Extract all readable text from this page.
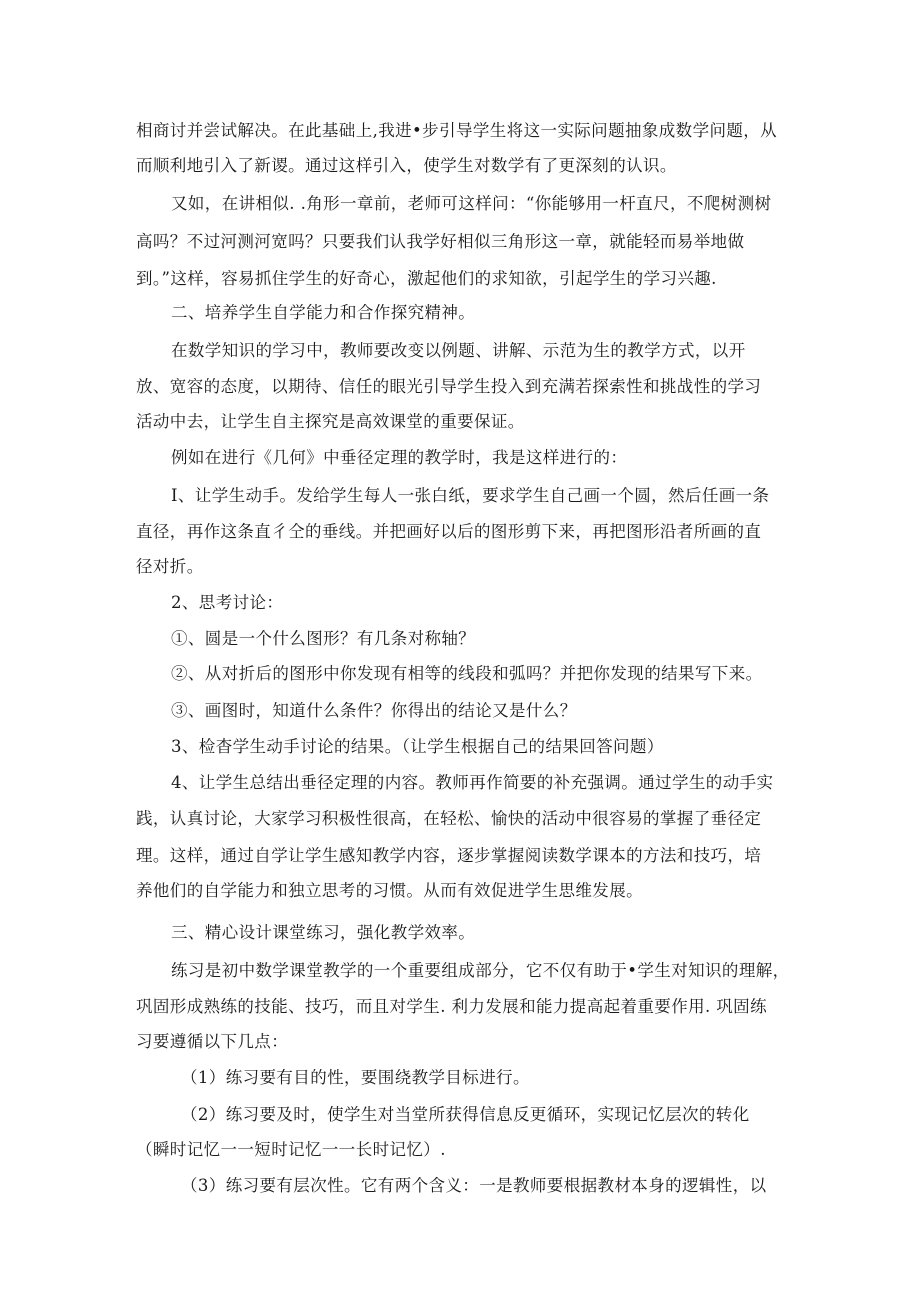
相商讨并尝试解决。在此基础上,我进•步引导学生将这一实际问题抽象成数学问题，从
而顺利地引入了新谡。通过这样引入，使学生对数学有了更深刻的认识。
又如，在讲相似. .角形一章前，老师可这样问：“你能够用一杆直尺，不爬树测树
高吗？不过河测河宽吗？只要我们认我学好相似三角形这一章，就能轻而易举地做
到。”这样，容易抓住学生的好奇心，激起他们的求知欲，引起学生的学习兴趣.
二、培养学生自学能力和合作探究精神。
在数学知识的学习中，教师要改变以例题、讲解、示范为生的教学方式，以开
放、宽容的态度，以期待、信任的眼光引导学生投入到充满若探索性和挑战性的学习
活动中去，让学生自主探究是高效课堂的重要保证。
例如在进行《几何》中垂径定理的教学时，我是这样进行的：
I、让学生动手。发给学生每人一张白纸，要求学生自己画一个圆，然后任画一条
直径，再作这条直彳仝的垂线。并把画好以后的图形剪下来，再把图形沿者所画的直
径对折。
2、思考讨论：
①、圆是一个什么图形？有几条对称轴？
②、从对折后的图形中你发现有相等的线段和弧吗？并把你发现的结果写下来。
③、画图时，知道什么条件？你得出的结论又是什么？
3、检杳学生动手讨论的结果。（让学生根据自己的结果回答问题）
4、让学生总结出垂径定理的内容。教师再作简要的补充强调。通过学生的动手实
践，认真讨论，大家学习积极性很高，在轻松、愉快的活动中很容易的掌握了垂径定
理。这样，通过自学让学生感知教学内容，逐步掌握阅读数学课本的方法和技巧，培
养他们的自学能力和独立思考的习惯。从而有效促进学生思维发展。
三、精心设计课堂练习，强化教学效率。
练习是初中数学课堂教学的一个重要组成部分，它不仅有助于•学生对知识的理解，
巩固形成熟练的技能、技巧，而且对学生. 利力发展和能力提高起着重要作用. 巩固练
习要遵循以下几点：
（1）练习要有目的性，要围绕教学目标进行。
（2）练习要及时，使学生对当堂所获得信息反更循环，实现记忆层次的转化
（瞬时记忆一一短时记忆一一长时记忆）.
（3）练习要有层次性。它有两个含义：一是教师要根据教材本身的逻辑性，以
